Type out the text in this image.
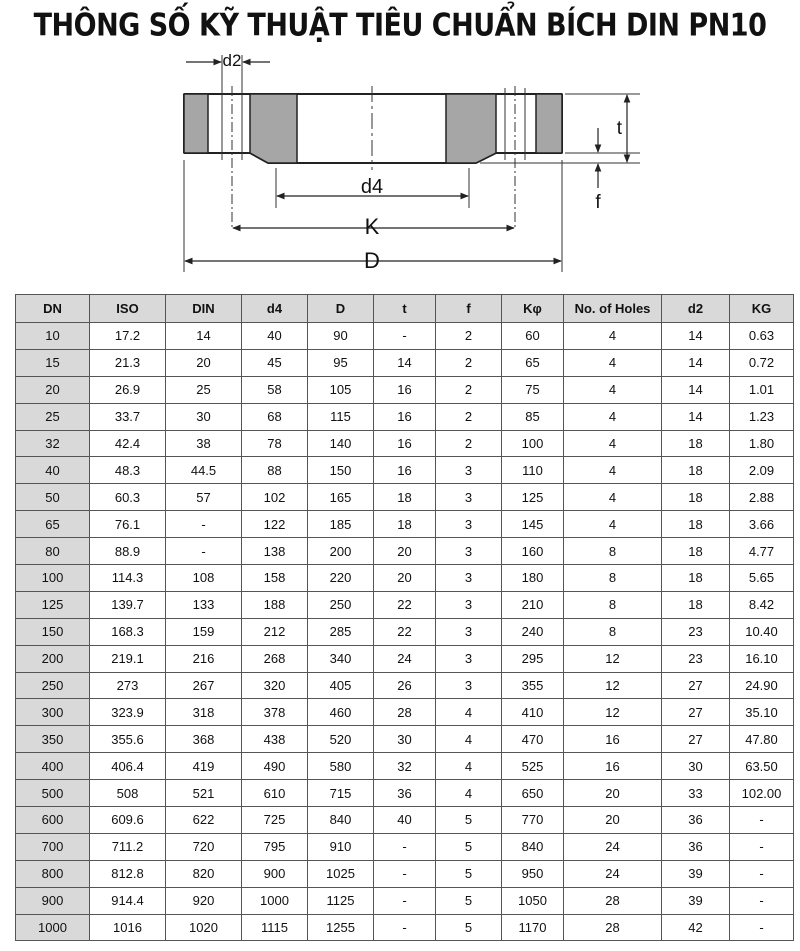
THÔNG SỐ KỸ THUẬT TIÊU CHUẨN BÍCH DIN PN10
d2
d4
K
D
t
f
DN	ISO	DIN	d4	D	t	f	Kφ	No. of Holes	d2	KG
10	17.2	14	40	90	-	2	60	4	14	0.63
15	21.3	20	45	95	14	2	65	4	14	0.72
20	26.9	25	58	105	16	2	75	4	14	1.01
25	33.7	30	68	115	16	2	85	4	14	1.23
32	42.4	38	78	140	16	2	100	4	18	1.80
40	48.3	44.5	88	150	16	3	110	4	18	2.09
50	60.3	57	102	165	18	3	125	4	18	2.88
65	76.1	-	122	185	18	3	145	4	18	3.66
80	88.9	-	138	200	20	3	160	8	18	4.77
100	114.3	108	158	220	20	3	180	8	18	5.65
125	139.7	133	188	250	22	3	210	8	18	8.42
150	168.3	159	212	285	22	3	240	8	23	10.40
200	219.1	216	268	340	24	3	295	12	23	16.10
250	273	267	320	405	26	3	355	12	27	24.90
300	323.9	318	378	460	28	4	410	12	27	35.10
350	355.6	368	438	520	30	4	470	16	27	47.80
400	406.4	419	490	580	32	4	525	16	30	63.50
500	508	521	610	715	36	4	650	20	33	102.00
600	609.6	622	725	840	40	5	770	20	36	-
700	711.2	720	795	910	-	5	840	24	36	-
800	812.8	820	900	1025	-	5	950	24	39	-
900	914.4	920	1000	1125	-	5	1050	28	39	-
1000	1016	1020	1115	1255	-	5	1170	28	42	-
